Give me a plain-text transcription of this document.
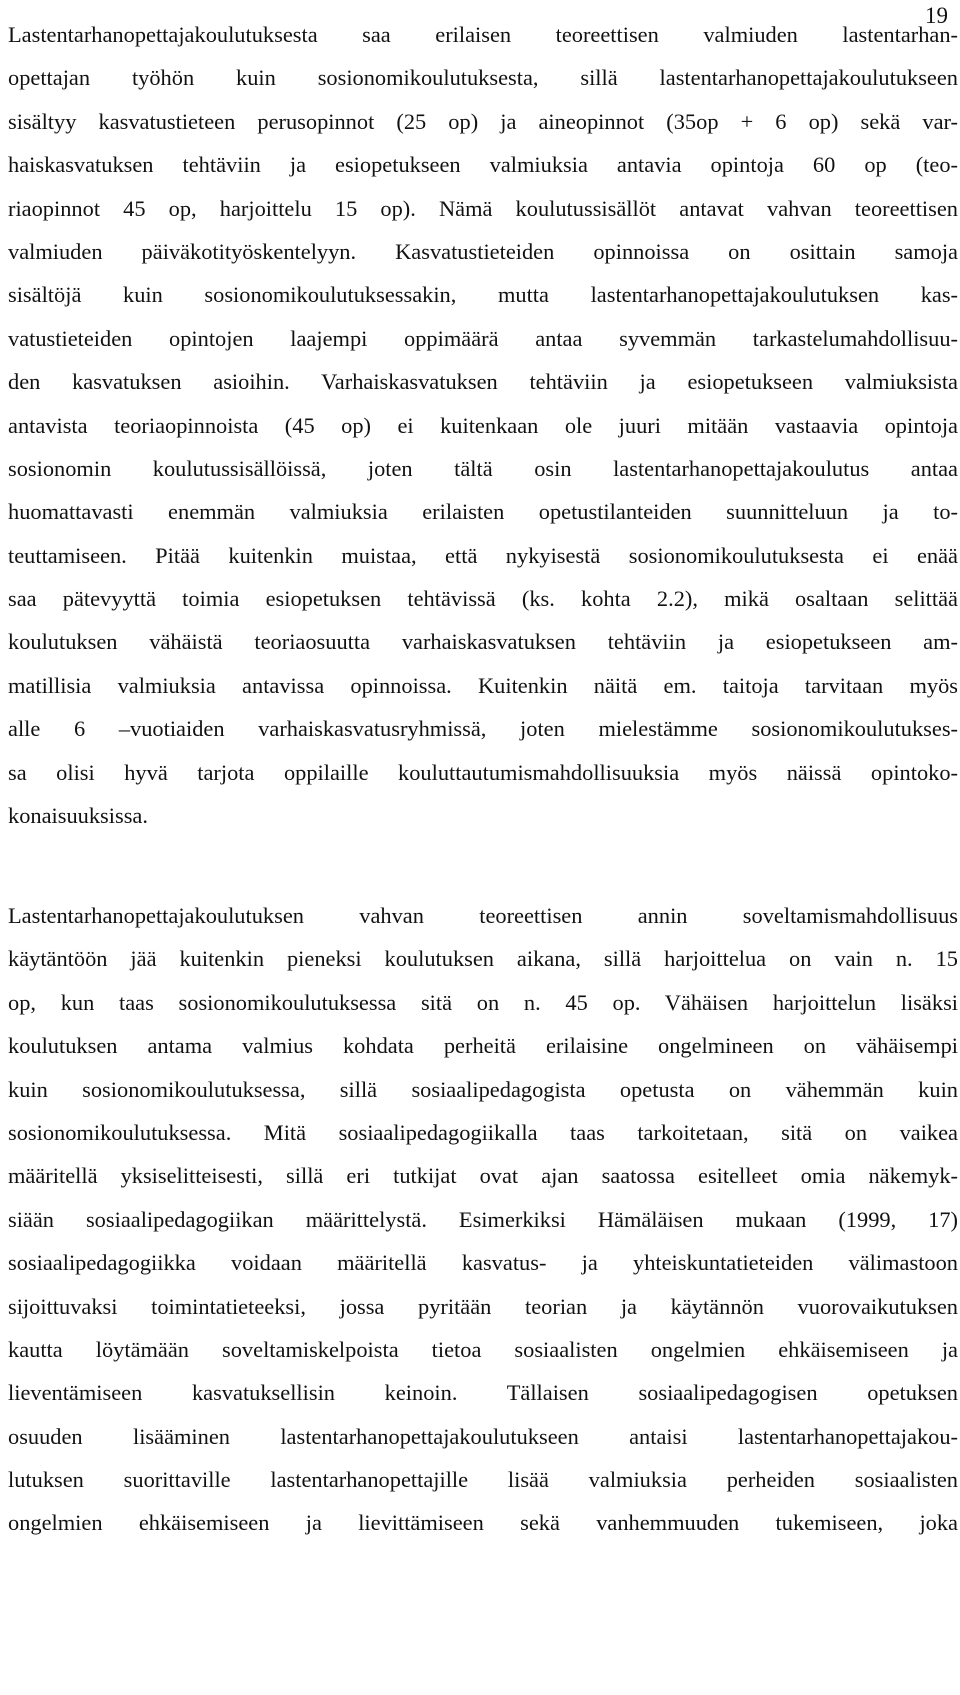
19

Lastentarhanopettajakoulutuksesta saa erilaisen teoreettisen valmiuden lastentarhan-
opettajan työhön kuin sosionomikoulutuksesta, sillä lastentarhanopettajakoulutukseen
sisältyy kasvatustieteen perusopinnot (25 op) ja aineopinnot (35op + 6 op) sekä var-
haiskasvatuksen tehtäviin ja esiopetukseen valmiuksia antavia opintoja 60 op (teo-
riaopinnot 45 op, harjoittelu 15 op). Nämä koulutussisällöt antavat vahvan teoreettisen
valmiuden päiväkotityöskentelyyn. Kasvatustieteiden opinnoissa on osittain samoja
sisältöjä kuin sosionomikoulutuksessakin, mutta lastentarhanopettajakoulutuksen kas-
vatustieteiden opintojen laajempi oppimäärä antaa syvemmän tarkastelumahdollisuu-
den kasvatuksen asioihin. Varhaiskasvatuksen tehtäviin ja esiopetukseen valmiuksista
antavista teoriaopinnoista (45 op) ei kuitenkaan ole juuri mitään vastaavia opintoja
sosionomin koulutussisällöissä, joten tältä osin lastentarhanopettajakoulutus antaa
huomattavasti enemmän valmiuksia erilaisten opetustilanteiden suunnitteluun ja to-
teuttamiseen. Pitää kuitenkin muistaa, että nykyisestä sosionomikoulutuksesta ei enää
saa pätevyyttä toimia esiopetuksen tehtävissä (ks. kohta 2.2), mikä osaltaan selittää
koulutuksen vähäistä teoriaosuutta varhaiskasvatuksen tehtäviin ja esiopetukseen am-
matillisia valmiuksia antavissa opinnoissa. Kuitenkin näitä em. taitoja tarvitaan myös
alle 6 –vuotiaiden varhaiskasvatusryhmissä, joten mielestämme sosionomikoulutukses-
sa olisi hyvä tarjota oppilaille kouluttautumismahdollisuuksia myös näissä opintoko-
konaisuuksissa.

Lastentarhanopettajakoulutuksen vahvan teoreettisen annin soveltamismahdollisuus
käytäntöön jää kuitenkin pieneksi koulutuksen aikana, sillä harjoittelua on vain n. 15
op, kun taas sosionomikoulutuksessa sitä on n. 45 op. Vähäisen harjoittelun lisäksi
koulutuksen antama valmius kohdata perheitä erilaisine ongelmineen on vähäisempi
kuin sosionomikoulutuksessa, sillä sosiaalipedagogista opetusta on vähemmän kuin
sosionomikoulutuksessa. Mitä sosiaalipedagogiikalla taas tarkoitetaan, sitä on vaikea
määritellä yksiselitteisesti, sillä eri tutkijat ovat ajan saatossa esitelleet omia näkemyk-
siään sosiaalipedagogiikan määrittelystä. Esimerkiksi Hämäläisen mukaan (1999, 17)
sosiaalipedagogiikka voidaan määritellä kasvatus- ja yhteiskuntatieteiden välimastoon
sijoittuvaksi toimintatieteeksi, jossa pyritään teorian ja käytännön vuorovaikutuksen
kautta löytämään soveltamiskelpoista tietoa sosiaalisten ongelmien ehkäisemiseen ja
lieventämiseen kasvatuksellisin keinoin. Tällaisen sosiaalipedagogisen opetuksen
osuuden lisääminen lastentarhanopettajakoulutukseen antaisi lastentarhanopettajakou-
lutuksen suorittaville lastentarhanopettajille lisää valmiuksia perheiden sosiaalisten
ongelmien ehkäisemiseen ja lievittämiseen sekä vanhemmuuden tukemiseen, joka
